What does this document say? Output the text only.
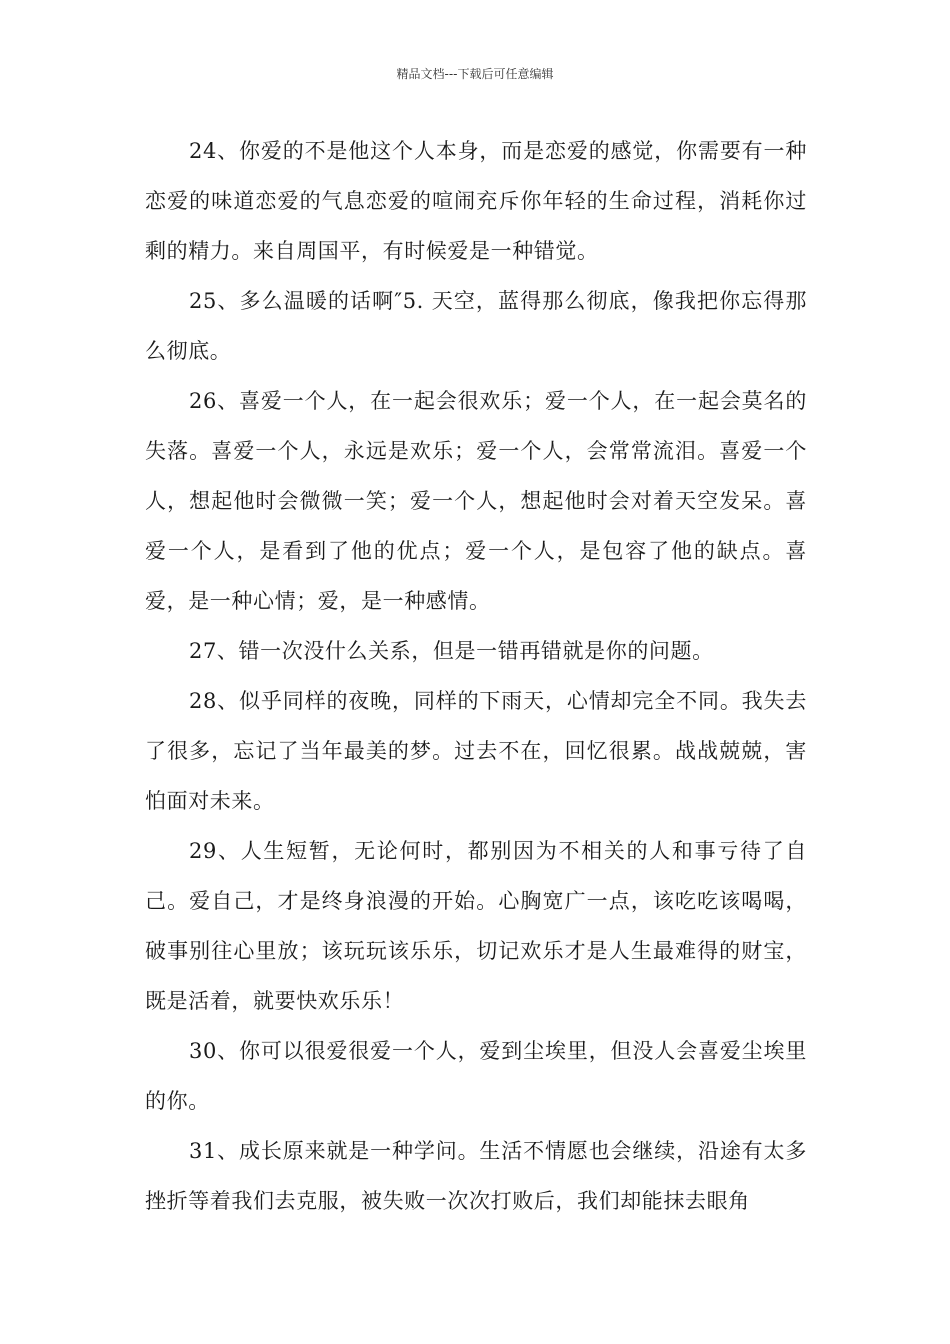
精品文档---下载后可任意编辑

24、你爱的不是他这个人本身，而是恋爱的感觉，你需要有一种恋爱的味道恋爱的气息恋爱的喧闹充斥你年轻的生命过程，消耗你过剩的精力。来自周国平，有时候爱是一种错觉。

25、多么温暖的话啊″5. 天空，蓝得那么彻底，像我把你忘得那么彻底。

26、喜爱一个人，在一起会很欢乐；爱一个人，在一起会莫名的失落。喜爱一个人，永远是欢乐；爱一个人，会常常流泪。喜爱一个人，想起他时会微微一笑；爱一个人，想起他时会对着天空发呆。喜爱一个人，是看到了他的优点；爱一个人，是包容了他的缺点。喜爱，是一种心情；爱，是一种感情。

27、错一次没什么关系，但是一错再错就是你的问题。

28、似乎同样的夜晚，同样的下雨天，心情却完全不同。我失去了很多，忘记了当年最美的梦。过去不在，回忆很累。战战兢兢，害怕面对未来。

29、人生短暂，无论何时，都别因为不相关的人和事亏待了自己。爱自己，才是终身浪漫的开始。心胸宽广一点，该吃吃该喝喝，破事别往心里放；该玩玩该乐乐，切记欢乐才是人生最难得的财宝，既是活着，就要快欢乐乐！

30、你可以很爱很爱一个人，爱到尘埃里，但没人会喜爱尘埃里的你。

31、成长原来就是一种学问。生活不情愿也会继续，沿途有太多挫折等着我们去克服，被失败一次次打败后，我们却能抹去眼角
